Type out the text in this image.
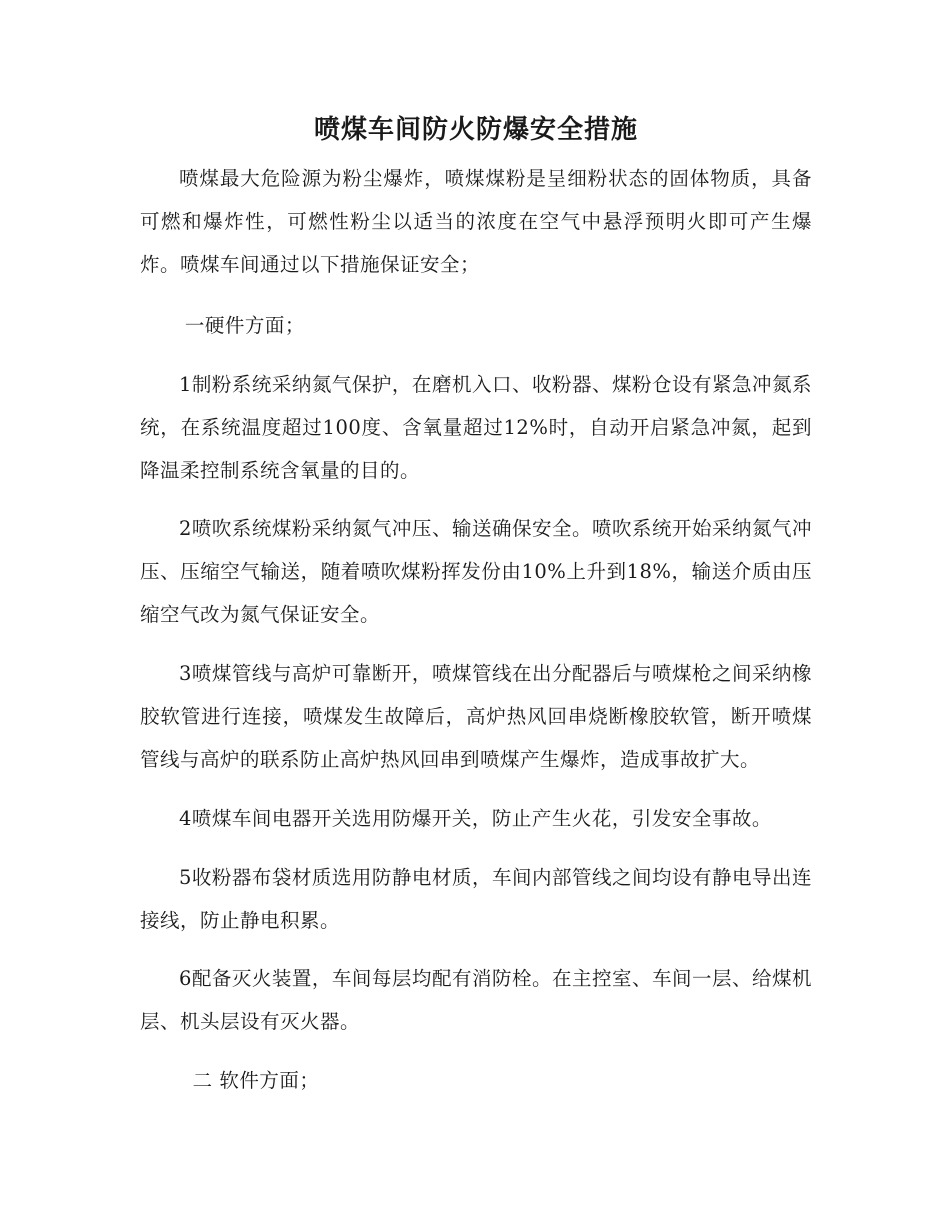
喷煤车间防火防爆安全措施

喷煤最大危险源为粉尘爆炸，喷煤煤粉是呈细粉状态的固体物质，具备可燃和爆炸性，可燃性粉尘以适当的浓度在空气中悬浮预明火即可产生爆炸。喷煤车间通过以下措施保证安全；

一硬件方面；

1制粉系统采纳氮气保护，在磨机入口、收粉器、煤粉仓设有紧急冲氮系统，在系统温度超过100度、含氧量超过12%时，自动开启紧急冲氮，起到降温柔控制系统含氧量的目的。

2喷吹系统煤粉采纳氮气冲压、输送确保安全。喷吹系统开始采纳氮气冲压、压缩空气输送，随着喷吹煤粉挥发份由10%上升到18%，输送介质由压缩空气改为氮气保证安全。

3喷煤管线与高炉可靠断开，喷煤管线在出分配器后与喷煤枪之间采纳橡胶软管进行连接，喷煤发生故障后，高炉热风回串烧断橡胶软管，断开喷煤管线与高炉的联系防止高炉热风回串到喷煤产生爆炸，造成事故扩大。

4喷煤车间电器开关选用防爆开关，防止产生火花，引发安全事故。

5收粉器布袋材质选用防静电材质，车间内部管线之间均设有静电导出连接线，防止静电积累。

6配备灭火装置，车间每层均配有消防栓。在主控室、车间一层、给煤机层、机头层设有灭火器。

二 软件方面；
